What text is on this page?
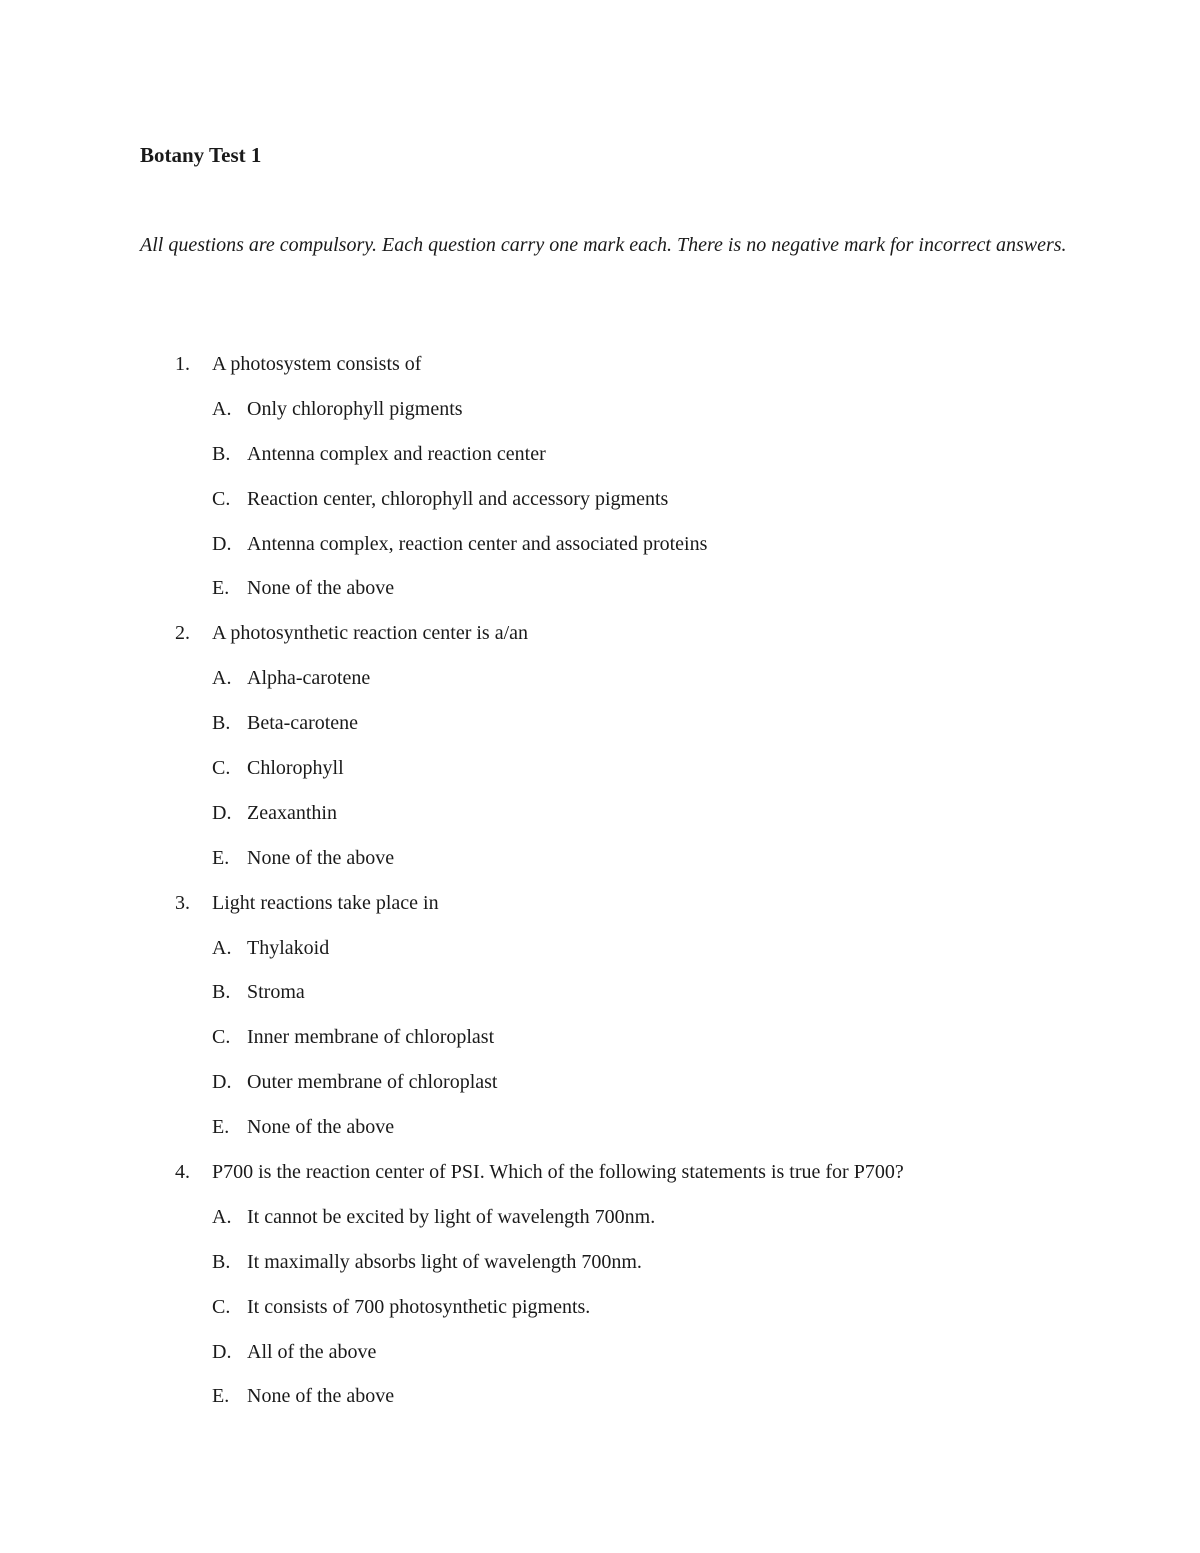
Botany Test 1

All questions are compulsory. Each question carry one mark each. There is no negative mark for incorrect answers.

1. A photosystem consists of
A. Only chlorophyll pigments
B. Antenna complex and reaction center
C. Reaction center, chlorophyll and accessory pigments
D. Antenna complex, reaction center and associated proteins
E. None of the above
2. A photosynthetic reaction center is a/an
A. Alpha-carotene
B. Beta-carotene
C. Chlorophyll
D. Zeaxanthin
E. None of the above
3. Light reactions take place in
A. Thylakoid
B. Stroma
C. Inner membrane of chloroplast
D. Outer membrane of chloroplast
E. None of the above
4. P700 is the reaction center of PSI. Which of the following statements is true for P700?
A. It cannot be excited by light of wavelength 700nm.
B. It maximally absorbs light of wavelength 700nm.
C. It consists of 700 photosynthetic pigments.
D. All of the above
E. None of the above
